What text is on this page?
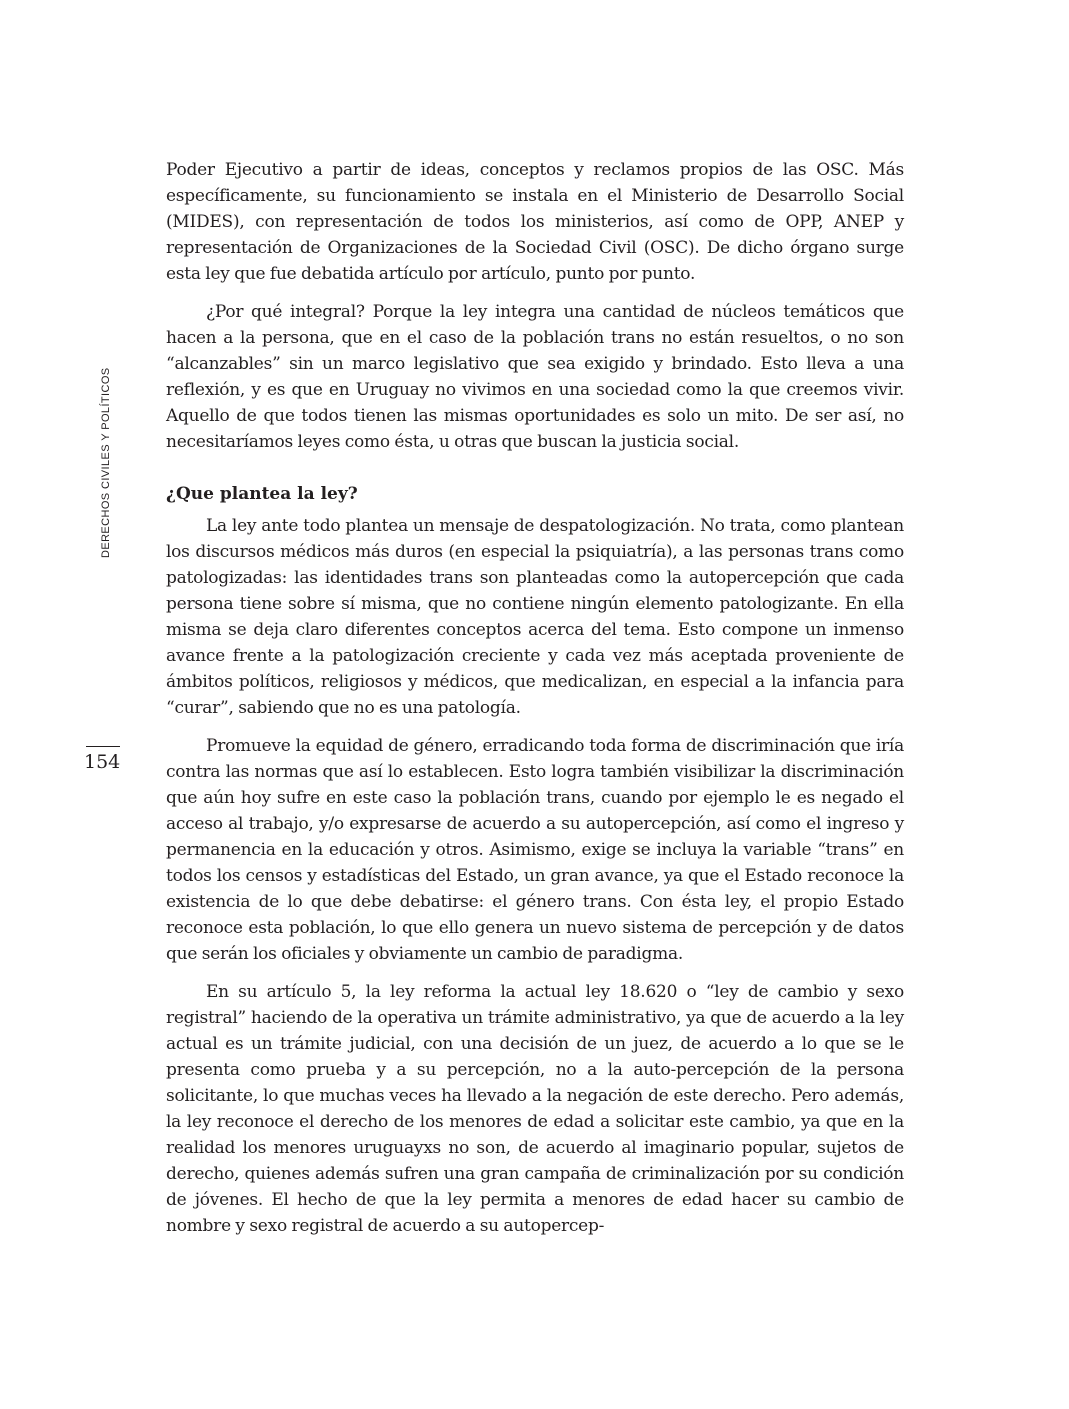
DERECHOS CIVILES Y POLÍTICOS
154

Poder Ejecutivo a partir de ideas, conceptos y reclamos propios de las OSC. Más específicamente, su funcionamiento se instala en el Ministerio de Desarrollo Social (MIDES), con representación de todos los ministerios, así como de OPP, ANEP y representación de Organizaciones de la Sociedad Civil (OSC). De dicho órgano surge esta ley que fue debatida artículo por artículo, punto por punto.

¿Por qué integral? Porque la ley integra una cantidad de núcleos temáticos que hacen a la persona, que en el caso de la población trans no están resueltos, o no son “alcanzables” sin un marco legislativo que sea exigido y brindado. Esto lleva a una reflexión, y es que en Uruguay no vivimos en una sociedad como la que creemos vivir. Aquello de que todos tienen las mismas oportunidades es solo un mito. De ser así, no necesitaríamos leyes como ésta, u otras que buscan la justicia social.

¿Que plantea la ley?

La ley ante todo plantea un mensaje de despatologización. No trata, como plantean los discursos médicos más duros (en especial la psiquiatría), a las personas trans como patologizadas: las identidades trans son planteadas como la autopercepción que cada persona tiene sobre sí misma, que no contiene ningún elemento patologizante. En ella misma se deja claro diferentes conceptos acerca del tema. Esto compone un inmenso avance frente a la patologización creciente y cada vez más aceptada proveniente de ámbitos políticos, religiosos y médicos, que medicalizan, en especial a la infancia para “curar”, sabiendo que no es una patología.

Promueve la equidad de género, erradicando toda forma de discriminación que iría contra las normas que así lo establecen. Esto logra también visibilizar la discriminación que aún hoy sufre en este caso la población trans, cuando por ejemplo le es negado el acceso al trabajo, y/o expresarse de acuerdo a su autopercepción, así como el ingreso y permanencia en la educación y otros. Asimismo, exige se incluya la variable “trans” en todos los censos y estadísticas del Estado, un gran avance, ya que el Estado reconoce la existencia de lo que debe debatirse: el género trans. Con ésta ley, el propio Estado reconoce esta población, lo que ello genera un nuevo sistema de percepción y de datos que serán los oficiales y obviamente un cambio de paradigma.

En su artículo 5, la ley reforma la actual ley 18.620 o “ley de cambio y sexo registral” haciendo de la operativa un trámite administrativo, ya que de acuerdo a la ley actual es un trámite judicial, con una decisión de un juez, de acuerdo a lo que se le presenta como prueba y a su percepción, no a la auto-percepción de la persona solicitante, lo que muchas veces ha llevado a la negación de este derecho. Pero además, la ley reconoce el derecho de los menores de edad a solicitar este cambio, ya que en la realidad los menores uruguayxs no son, de acuerdo al imaginario popular, sujetos de derecho, quienes además sufren una gran campaña de criminalización por su condición de jóvenes. El hecho de que la ley permita a menores de edad hacer su cambio de nombre y sexo registral de acuerdo a su autopercep-
